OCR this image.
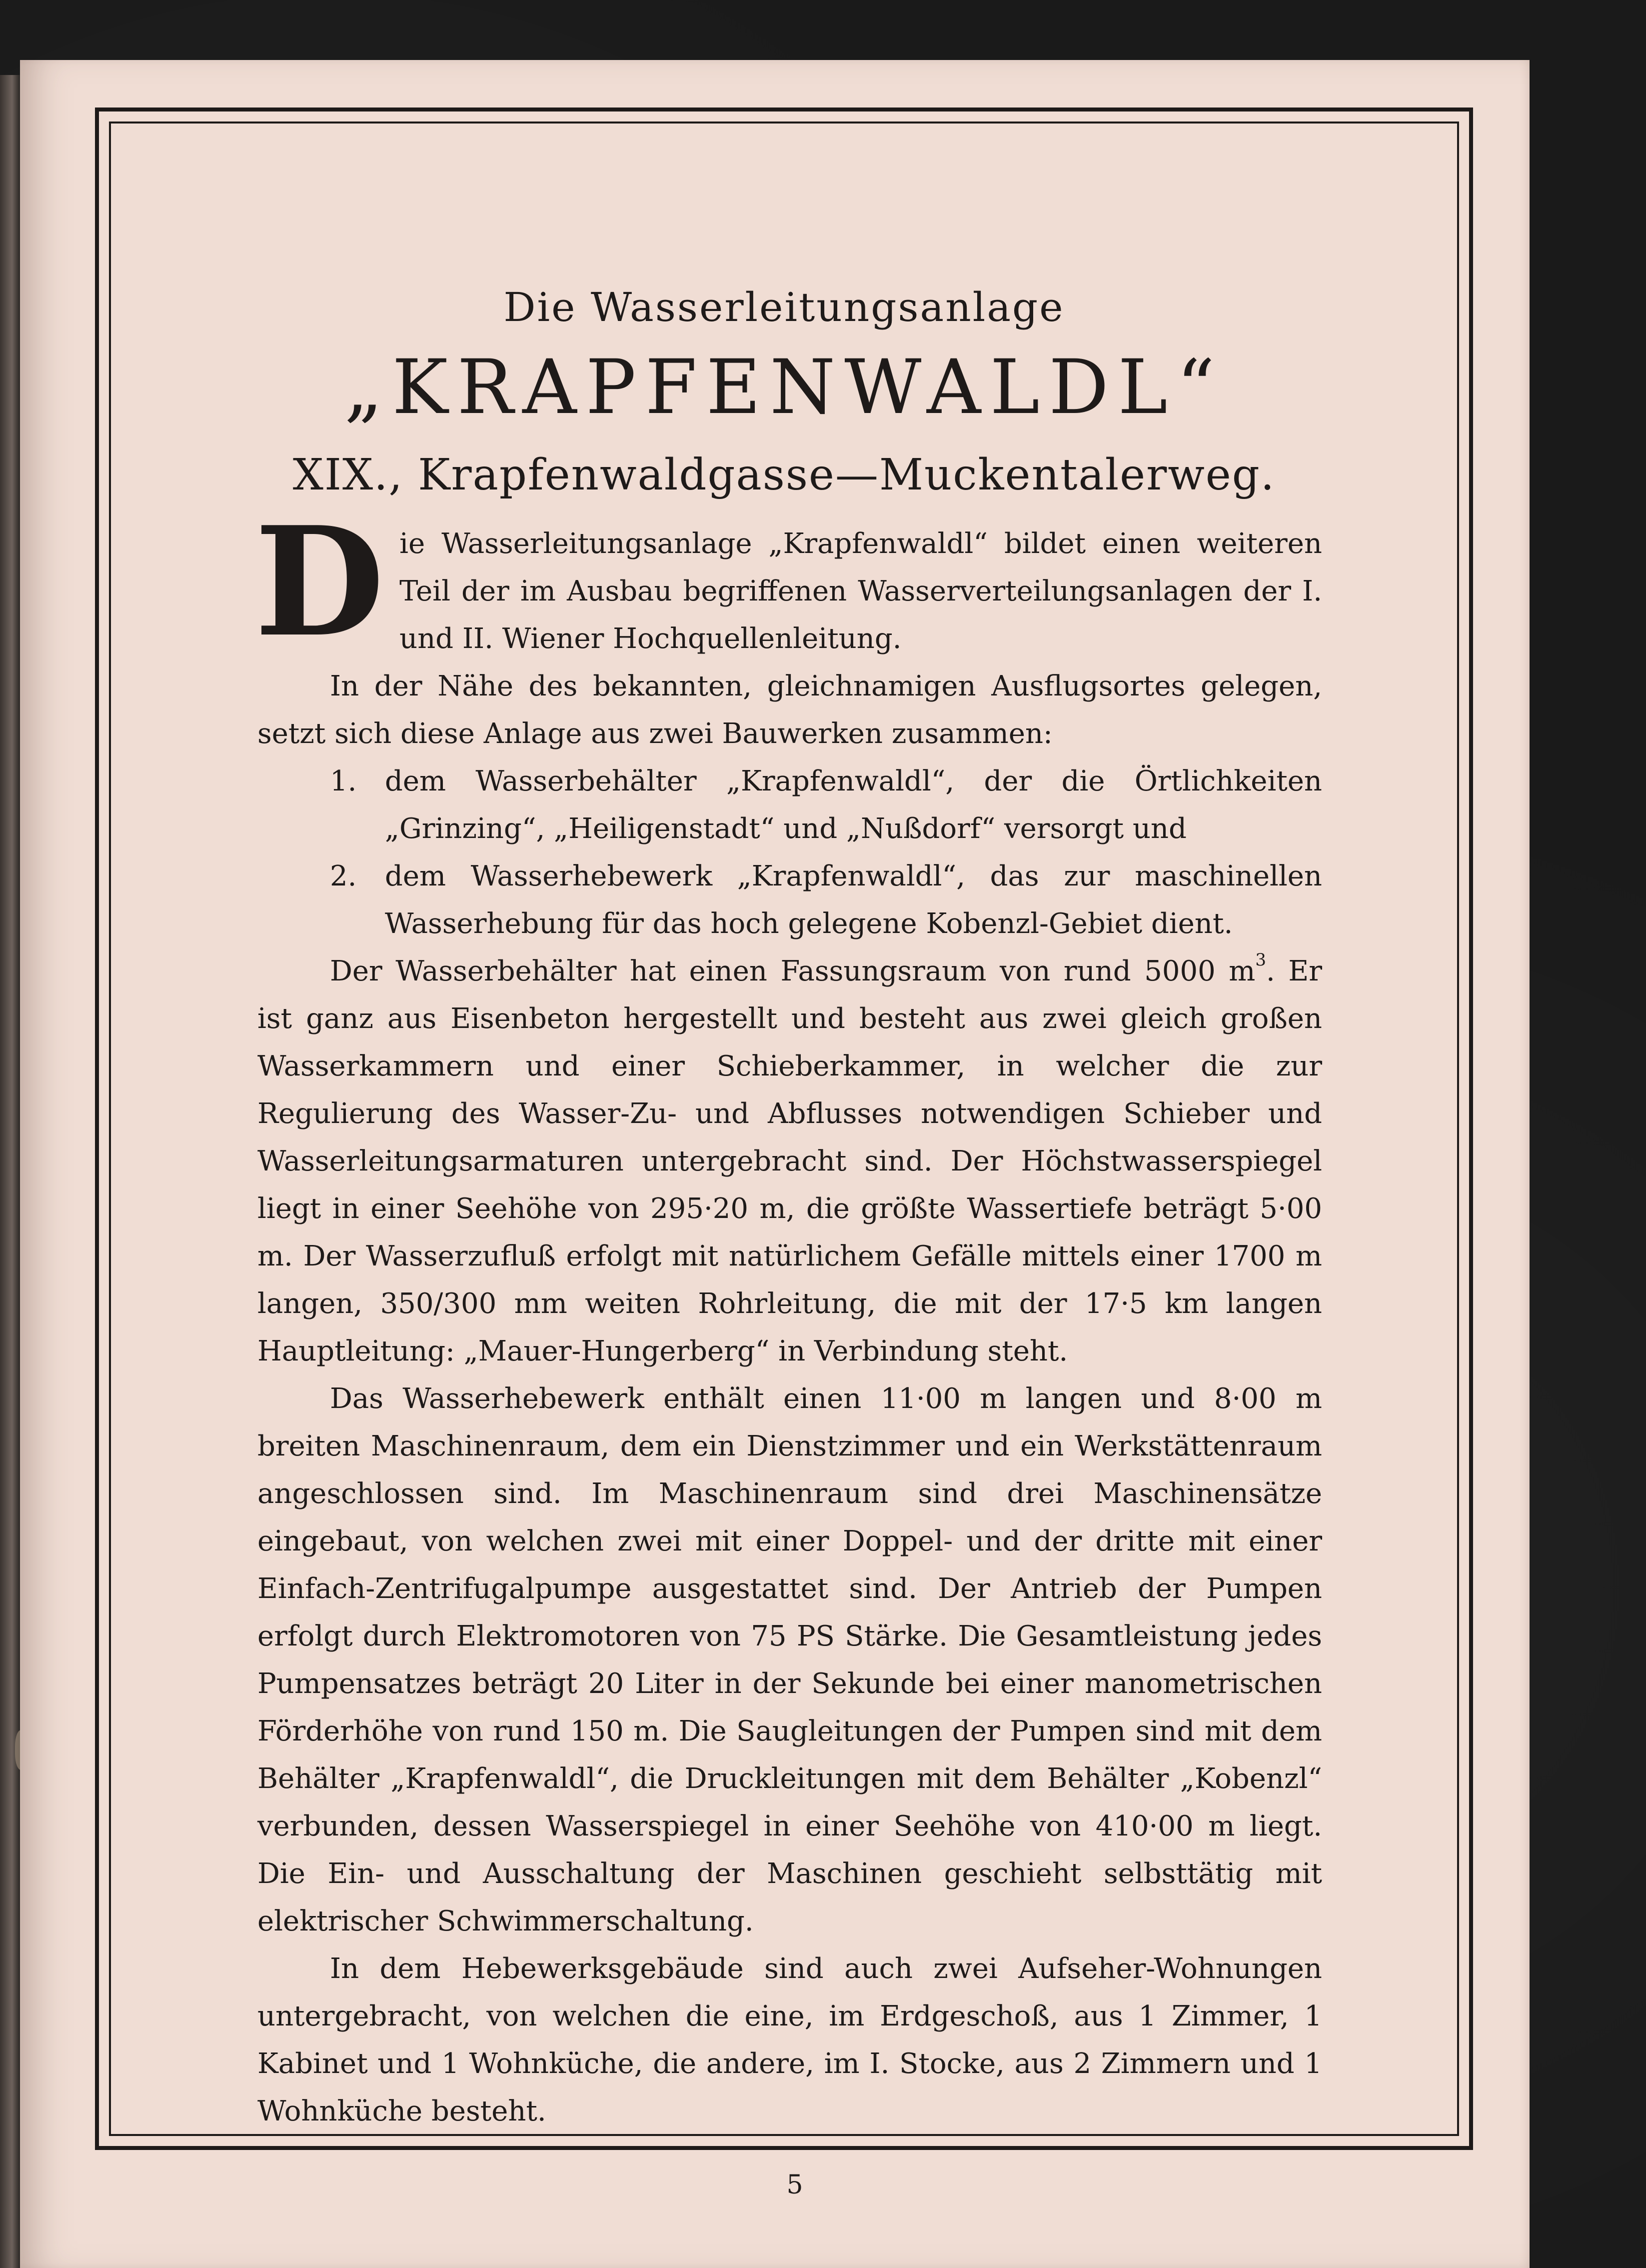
Die Wasserleitungsanlage
„KRAPFENWALDL“
XIX., Krapfenwaldgasse—Muckentalerweg.

Die Wasserleitungsanlage „Krapfenwaldl“ bildet einen weiteren Teil der im Ausbau begriffenen Wasserverteilungsanlagen der I. und II. Wiener Hochquellenleitung.

In der Nähe des bekannten, gleichnamigen Ausflugsortes gelegen, setzt sich diese Anlage aus zwei Bauwerken zusammen:

1.	dem Wasserbehälter „Krapfenwaldl“, der die Örtlichkeiten „Grinzing“, „Heiligenstadt“ und „Nußdorf“ versorgt und
2.	dem Wasserhebewerk „Krapfenwaldl“, das zur maschinellen Wasserhebung für das hoch gelegene Kobenzl-Gebiet dient.

Der Wasserbehälter hat einen Fassungsraum von rund 5000 $m^3$. Er ist ganz aus Eisenbeton hergestellt und besteht aus zwei gleich großen Wasserkammern und einer Schieberkammer, in welcher die zur Regulierung des Wasser-Zu- und Abflusses notwendigen Schieber und Wasserleitungsarmaturen untergebracht sind. Der Höchstwasserspiegel liegt in einer Seehöhe von 295·20 m, die größte Wassertiefe beträgt 5·00 m. Der Wasserzufluß erfolgt mit natürlichem Gefälle mittels einer 1700 m langen, 350/300 mm weiten Rohrleitung, die mit der 17·5 km langen Hauptleitung: „Mauer-Hungerberg“ in Verbindung steht.

Das Wasserhebewerk enthält einen 11·00 m langen und 8·00 m breiten Maschinenraum, dem ein Dienstzimmer und ein Werkstättenraum angeschlossen sind. Im Maschinenraum sind drei Maschinensätze eingebaut, von welchen zwei mit einer Doppel- und der dritte mit einer Einfach-Zentrifugalpumpe ausgestattet sind. Der Antrieb der Pumpen erfolgt durch Elektromotoren von 75 PS Stärke. Die Gesamtleistung jedes Pumpensatzes beträgt 20 Liter in der Sekunde bei einer manometrischen Förderhöhe von rund 150 m. Die Saugleitungen der Pumpen sind mit dem Behälter „Krapfenwaldl“, die Druckleitungen mit dem Behälter „Kobenzl“ verbunden, dessen Wasserspiegel in einer Seehöhe von 410·00 m liegt. Die Ein- und Ausschaltung der Maschinen geschieht selbsttätig mit elektrischer Schwimmerschaltung.

In dem Hebewerksgebäude sind auch zwei Aufseher-Wohnungen untergebracht, von welchen die eine, im Erdgeschoß, aus 1 Zimmer, 1 Kabinet und 1 Wohnküche, die andere, im I. Stocke, aus 2 Zimmern und 1 Wohnküche besteht.

5
